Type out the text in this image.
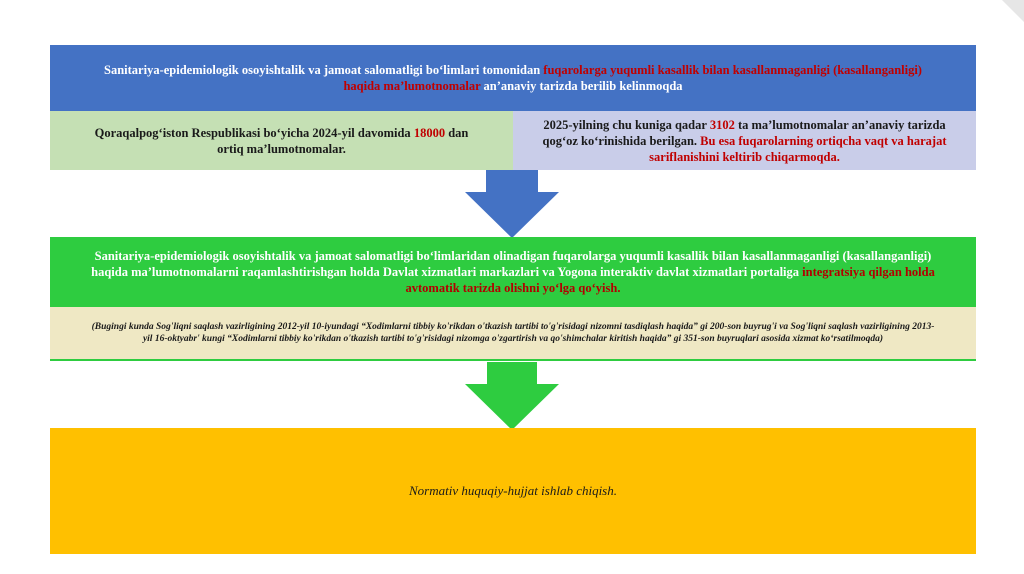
Sanitariya-epidemiologik osoyishtalik va jamoat salomatligi bo‘limlari tomonidan fuqarolarga yuqumli kasallik bilan kasallanmaganligi (kasallanganligi) haqida ma’lumotnomalar an’anaviy tarizda berilib kelinmoqda
Qoraqalpog‘iston Respublikasi bo‘yicha 2024-yil davomida 18000 dan ortiq ma’lumotnomalar.
2025-yilning chu kuniga qadar 3102 ta ma’lumotnomalar an’anaviy tarizda qog‘oz ko‘rinishida berilgan. Bu esa fuqarolarning ortiqcha vaqt va harajat sariflanishini keltirib chiqarmoqda.
Sanitariya-epidemiologik osoyishtalik va jamoat salomatligi bo‘limlaridan olinadigan fuqarolarga yuqumli kasallik bilan kasallanmaganligi (kasallanganligi) haqida ma’lumotnomalarni raqamlashtirishgan holda Davlat xizmatlari markazlari va Yogona interaktiv davlat xizmatlari portaliga integratsiya qilgan holda avtomatik tarizda olishni yo‘lga qo‘yish.
(Bugingi kunda Sog'liqni saqlash vazirligining 2012-yil 10-iyundagi “Xodimlarni tibbiy ko'rikdan o'tkazish tartibi to'g'risidagi nizomni tasdiqlash haqida” gi 200-son buyrug'i va Sog'liqni saqlash vazirligining 2013-yil 16-oktyabr' kungi “Xodimlarni tibbiy ko'rikdan o'tkazish tartibi to'g'risidagi nizomga o'zgartirish va qo'shimchalar kiritish haqida” gi 351-son buyruqlari asosida xizmat ko‘rsatilmoqda)
Normativ huquqiy-hujjat ishlab chiqish.
